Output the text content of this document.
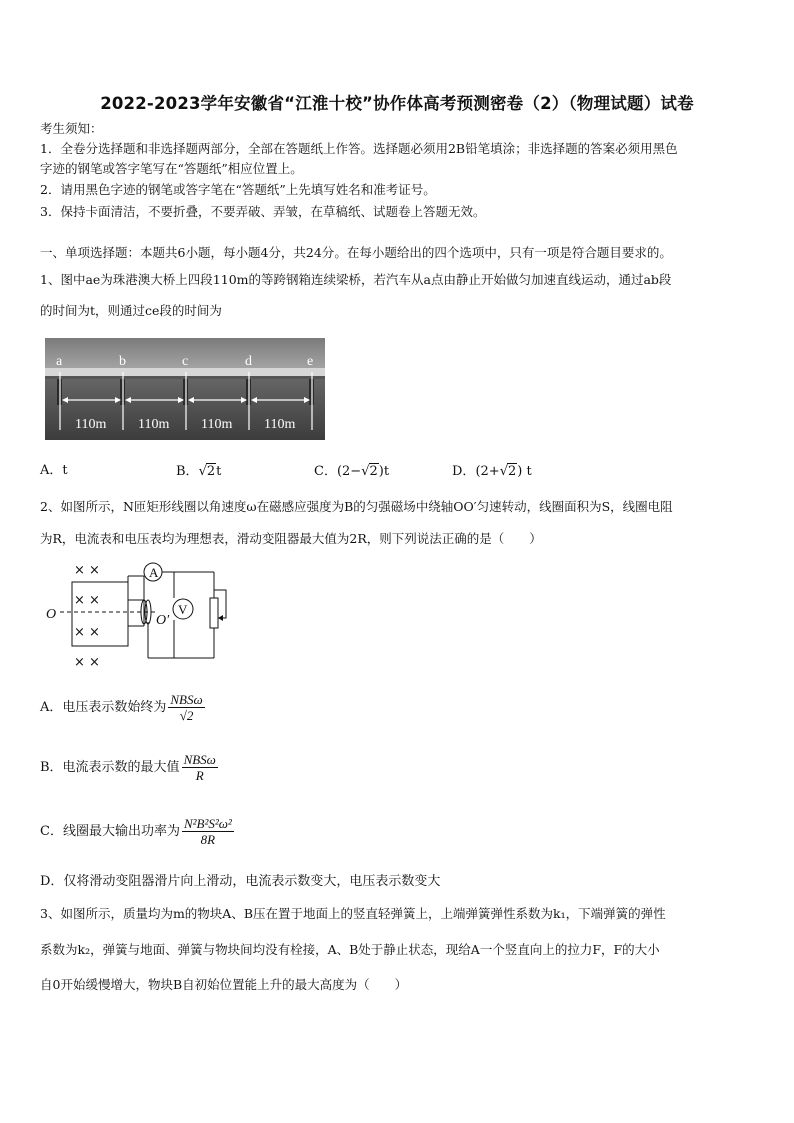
2022-2023学年安徽省“江淮十校”协作体高考预测密卷（2）（物理试题）试卷
考生须知：
1．全卷分选择题和非选择题两部分，全部在答题纸上作答。选择题必须用2B铅笔填涂；非选择题的答案必须用黑色
字迹的钢笔或答字笔写在“答题纸”相应位置上。
2．请用黑色字迹的钢笔或答字笔在“答题纸”上先填写姓名和准考证号。
3．保持卡面清洁，不要折叠，不要弄破、弄皱，在草稿纸、试题卷上答题无效。
一、单项选择题：本题共6小题，每小题4分，共24分。在每小题给出的四个选项中，只有一项是符合题目要求的。
1、图中ae为珠港澳大桥上四段110m的等跨钢箱连续梁桥，若汽车从a点由静止开始做匀加速直线运动，通过ab段
的时间为t，则通过ce段的时间为
a	b	c	d	e
110m 110m 110m 110m
A．t	B．√2t	C．(2−√2)t	D．(2+√2) t
2、如图所示，N匝矩形线圈以角速度ω在磁感应强度为B的匀强磁场中绕轴OO′匀速转动，线圈面积为S，线圈电阻
为R，电流表和电压表均为理想表，滑动变阻器最大值为2R，则下列说法正确的是（　　）
× ×
× ×
× ×
× ×
A
V
O	O′
A．电压表示数始终为 $\frac{\text{NBSω}}{√2}$
B．电流表示数的最大值 $\frac{\text{NBSω}}{R}$
C．线圈最大输出功率为 $\frac{\text{N²B²S²ω²}}{8R}$
D．仅将滑动变阻器滑片向上滑动，电流表示数变大，电压表示数变大
3、如图所示，质量均为m的物块A、B压在置于地面上的竖直轻弹簧上，上端弹簧弹性系数为k₁，下端弹簧的弹性
系数为k₂，弹簧与地面、弹簧与物块间均没有栓接，A、B处于静止状态，现给A一个竖直向上的拉力F，F的大小
自0开始缓慢增大，物块B自初始位置能上升的最大高度为（　　）
